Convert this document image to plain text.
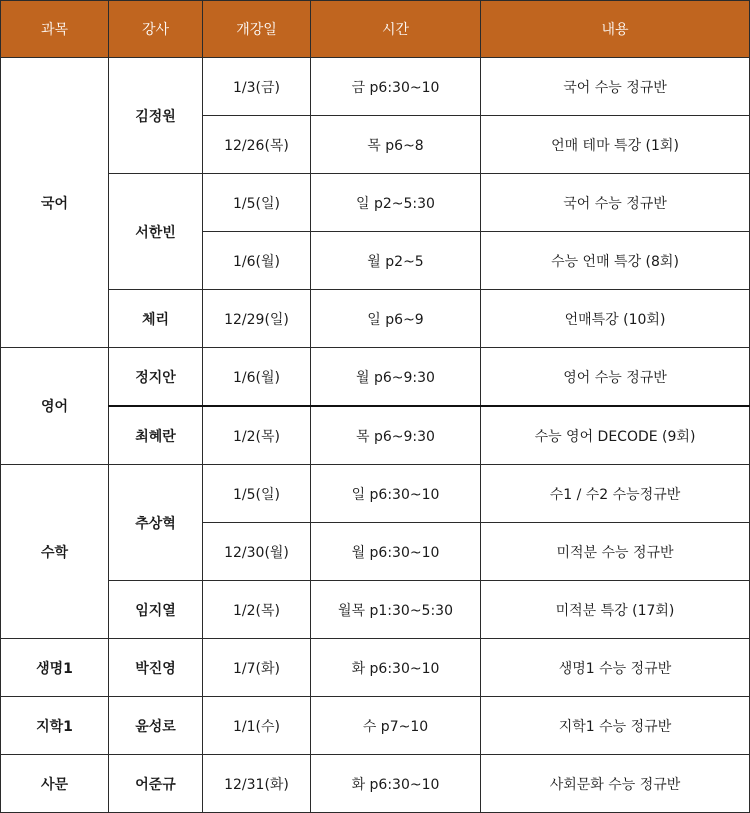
과목	강사	개강일	시간	내용
국어	김정원	1/3(금)	금 p6:30~10	국어 수능 정규반
		12/26(목)	목 p6~8	언매 테마 특강 (1회)
	서한빈	1/5(일)	일 p2~5:30	국어 수능 정규반
		1/6(월)	월 p2~5	수능 언매 특강 (8회)
	체리	12/29(일)	일 p6~9	언매특강 (10회)
영어	정지안	1/6(월)	월 p6~9:30	영어 수능 정규반
	최혜란	1/2(목)	목 p6~9:30	수능 영어 DECODE (9회)
수학	추상혁	1/5(일)	일 p6:30~10	수1 / 수2 수능정규반
		12/30(월)	월 p6:30~10	미적분 수능 정규반
	임지열	1/2(목)	월목 p1:30~5:30	미적분 특강 (17회)
생명1	박진영	1/7(화)	화 p6:30~10	생명1 수능 정규반
지학1	윤성로	1/1(수)	수 p7~10	지학1 수능 정규반
사문	어준규	12/31(화)	화 p6:30~10	사회문화 수능 정규반
